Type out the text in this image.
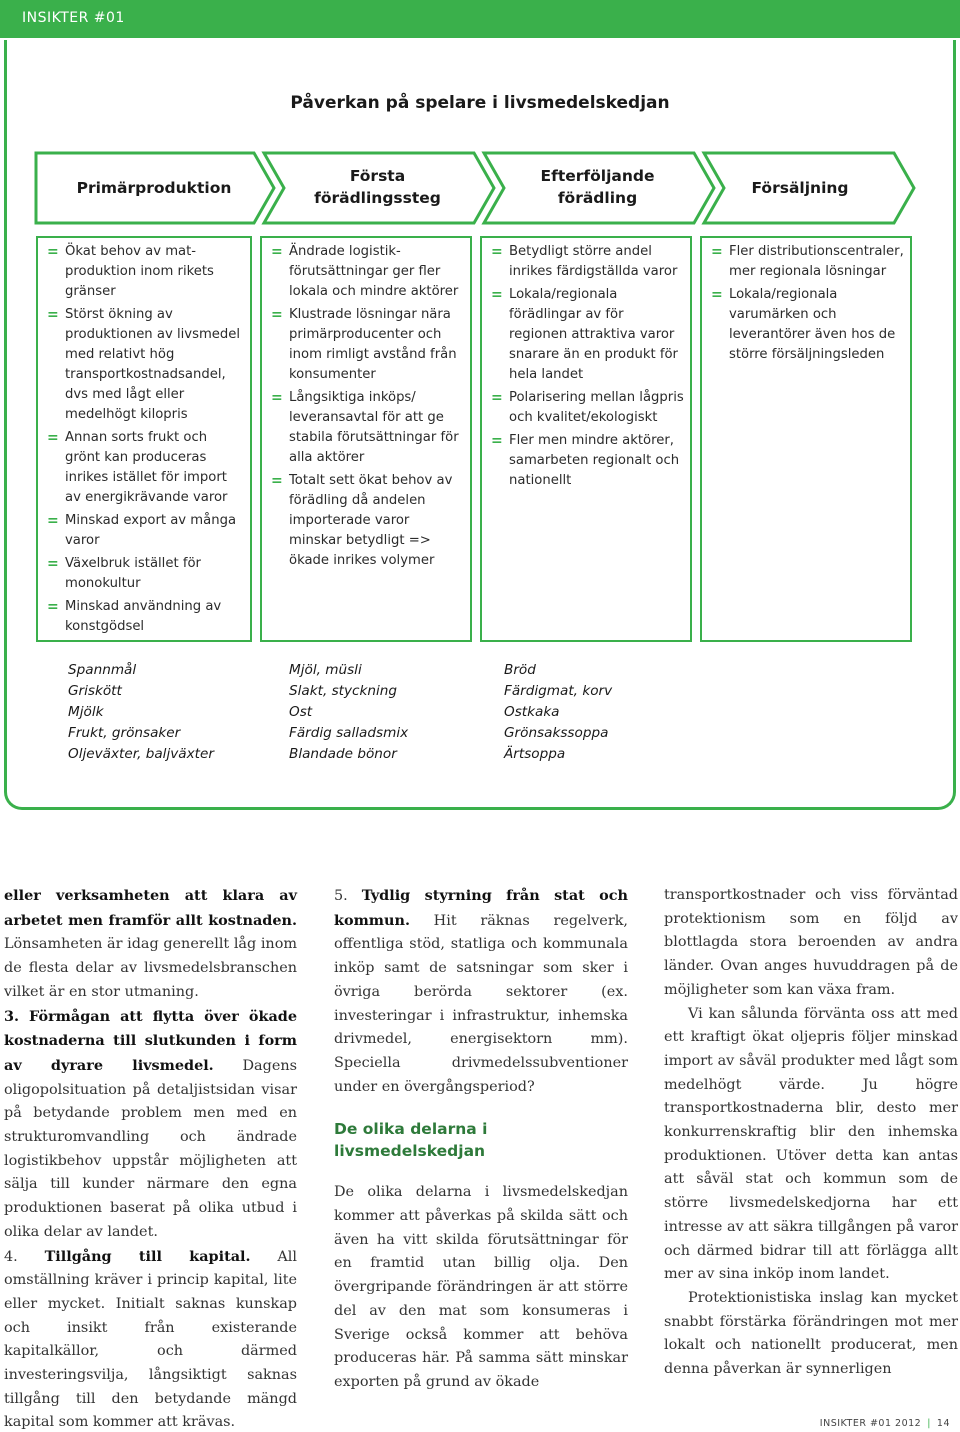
INSIKTER #01
Påverkan på spelare i livsmedelskedjan
Primärproduktion
Första
förädlingssteg
Efterföljande
förädling
Försäljning
= Ökat behov av mat-produktion inom rikets gränser
= Störst ökning av produktionen av livsmedel med relativt hög transportkostnadsandel, dvs med lågt eller medelhögt kilopris
= Annan sorts frukt och grönt kan produceras inrikes istället för import av energikrävande varor
= Minskad export av många varor
= Växelbruk istället för monokultur
= Minskad användning av konstgödsel
= Ändrade logistik-förutsättningar ger fler lokala och mindre aktörer
= Klustrade lösningar nära primärproducenter och inom rimligt avstånd från konsumenter
= Långsiktiga inköps/ leveransavtal för att ge stabila förutsättningar för alla aktörer
= Totalt sett ökat behov av förädling då andelen importerade varor minskar betydligt => ökade inrikes volymer
= Betydligt större andel inrikes färdigställda varor
= Lokala/regionala förädlingar av för regionen attraktiva varor snarare än en produkt för hela landet
= Polarisering mellan lågpris och kvalitet/ekologiskt
= Fler men mindre aktörer, samarbeten regionalt och nationellt
= Fler distributionscentraler, mer regionala lösningar
= Lokala/regionala varumärken och leverantörer även hos de större försäljningsleden
Spannmål
Griskött
Mjölk
Frukt, grönsaker
Oljeväxter, baljväxter
Mjöl, müsli
Slakt, styckning
Ost
Färdig salladsmix
Blandade bönor
Bröd
Färdigmat, korv
Ostkaka
Grönsakssoppa
Ärtsoppa

eller verksamheten att klara av arbetet men framför allt kostnaden. Lönsamheten är idag generellt låg inom de flesta delar av livsmedelsbranschen vilket är en stor utmaning.

3. Förmågan att flytta över ökade kostnaderna till slutkunden i form av dyrare livsmedel. Dagens oligopolsituation på detaljistsidan visar på betydande problem men med en strukturomvandling och ändrade logistikbehov uppstår möjligheten att sälja till kunder närmare den egna produktionen baserat på olika utbud i olika delar av landet.

4. Tillgång till kapital. All omställning kräver i princip kapital, lite eller mycket. Initialt saknas kunskap och insikt från existerande kapitalkällor, och därmed investeringsvilja, långsiktigt saknas tillgång till den betydande mängd kapital som kommer att krävas.

5. Tydlig styrning från stat och kommun. Hit räknas regelverk, offentliga stöd, statliga och kommunala inköp samt de satsningar som sker i övriga berörda sektorer (ex. investeringar i infrastruktur, inhemska drivmedel, energisektorn mm). Speciella drivmedelssubventioner under en övergångsperiod?

De olika delarna i livsmedelskedjan

De olika delarna i livsmedelskedjan kommer att påverkas på skilda sätt och även ha vitt skilda förutsättningar för en framtid utan billig olja. Den övergripande förändringen är att större del av den mat som konsumeras i Sverige också kommer att behöva produceras här. På samma sätt minskar exporten på grund av ökade

transportkostnader och viss förväntad protektionism som en följd av blottlagda stora beroenden av andra länder. Ovan anges huvuddragen på de möjligheter som kan växa fram.

Vi kan sålunda förvänta oss att med ett kraftigt ökat oljepris följer minskad import av såväl produkter med lågt som medelhögt värde. Ju högre transportkostnaderna blir, desto mer konkurrenskraftig blir den inhemska produktionen. Utöver detta kan antas att såväl stat och kommun som de större livsmedelskedjorna har ett intresse av att säkra tillgången på varor och därmed bidrar till att förlägga allt mer av sina inköp inom landet.

Protektionistiska inslag kan mycket snabbt förstärka förändringen mot mer lokalt och nationellt producerat, men denna påverkan är synnerligen

INSIKTER #01 2012 | 14
